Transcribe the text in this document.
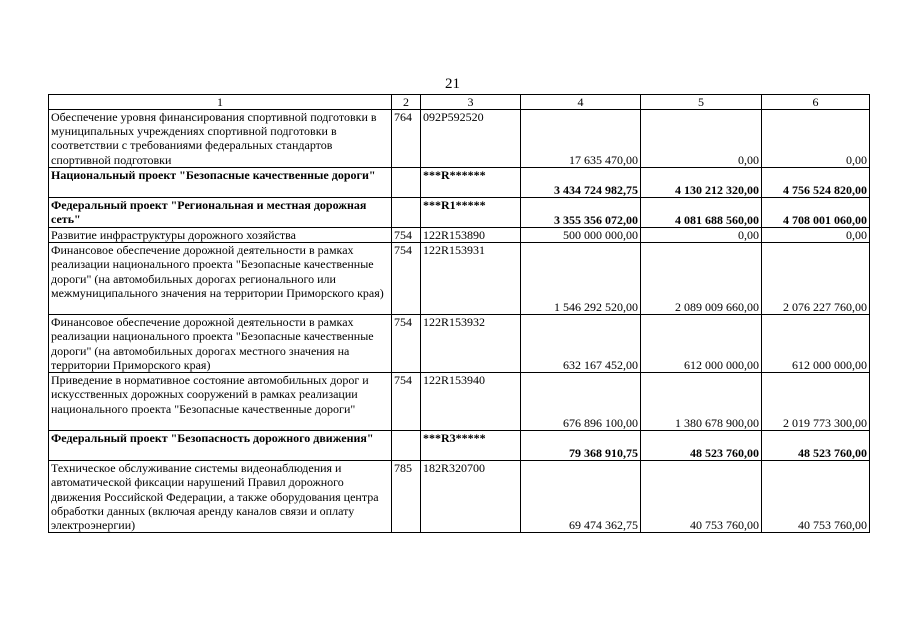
21
1	2	3	4	5	6
Обеспечение уровня финансирования спортивной подготовки в муниципальных учреждениях спортивной подготовки в соответствии с требованиями федеральных стандартов спортивной подготовки	764	092P592520	17 635 470,00	0,00	0,00
Национальный проект "Безопасные качественные дороги"		***R******	3 434 724 982,75	4 130 212 320,00	4 756 524 820,00
Федеральный проект "Региональная и местная дорожная сеть"		***R1*****	3 355 356 072,00	4 081 688 560,00	4 708 001 060,00
Развитие инфраструктуры дорожного хозяйства	754	122R153890	500 000 000,00	0,00	0,00
Финансовое обеспечение дорожной деятельности в рамках реализации национального проекта "Безопасные качественные дороги" (на автомобильных дорогах регионального или межмуниципального значения на территории Приморского края)	754	122R153931	1 546 292 520,00	2 089 009 660,00	2 076 227 760,00
Финансовое обеспечение дорожной деятельности в рамках реализации национального проекта "Безопасные качественные дороги" (на автомобильных дорогах местного значения на территории Приморского края)	754	122R153932	632 167 452,00	612 000 000,00	612 000 000,00
Приведение в нормативное состояние автомобильных дорог и искусственных дорожных сооружений в рамках реализации национального проекта "Безопасные качественные дороги"	754	122R153940	676 896 100,00	1 380 678 900,00	2 019 773 300,00
Федеральный проект "Безопасность дорожного движения"		***R3*****	79 368 910,75	48 523 760,00	48 523 760,00
Техническое обслуживание системы видеонаблюдения и автоматической фиксации нарушений Правил дорожного движения Российской Федерации, а также оборудования центра обработки данных (включая аренду каналов связи и оплату электроэнергии)	785	182R320700	69 474 362,75	40 753 760,00	40 753 760,00
